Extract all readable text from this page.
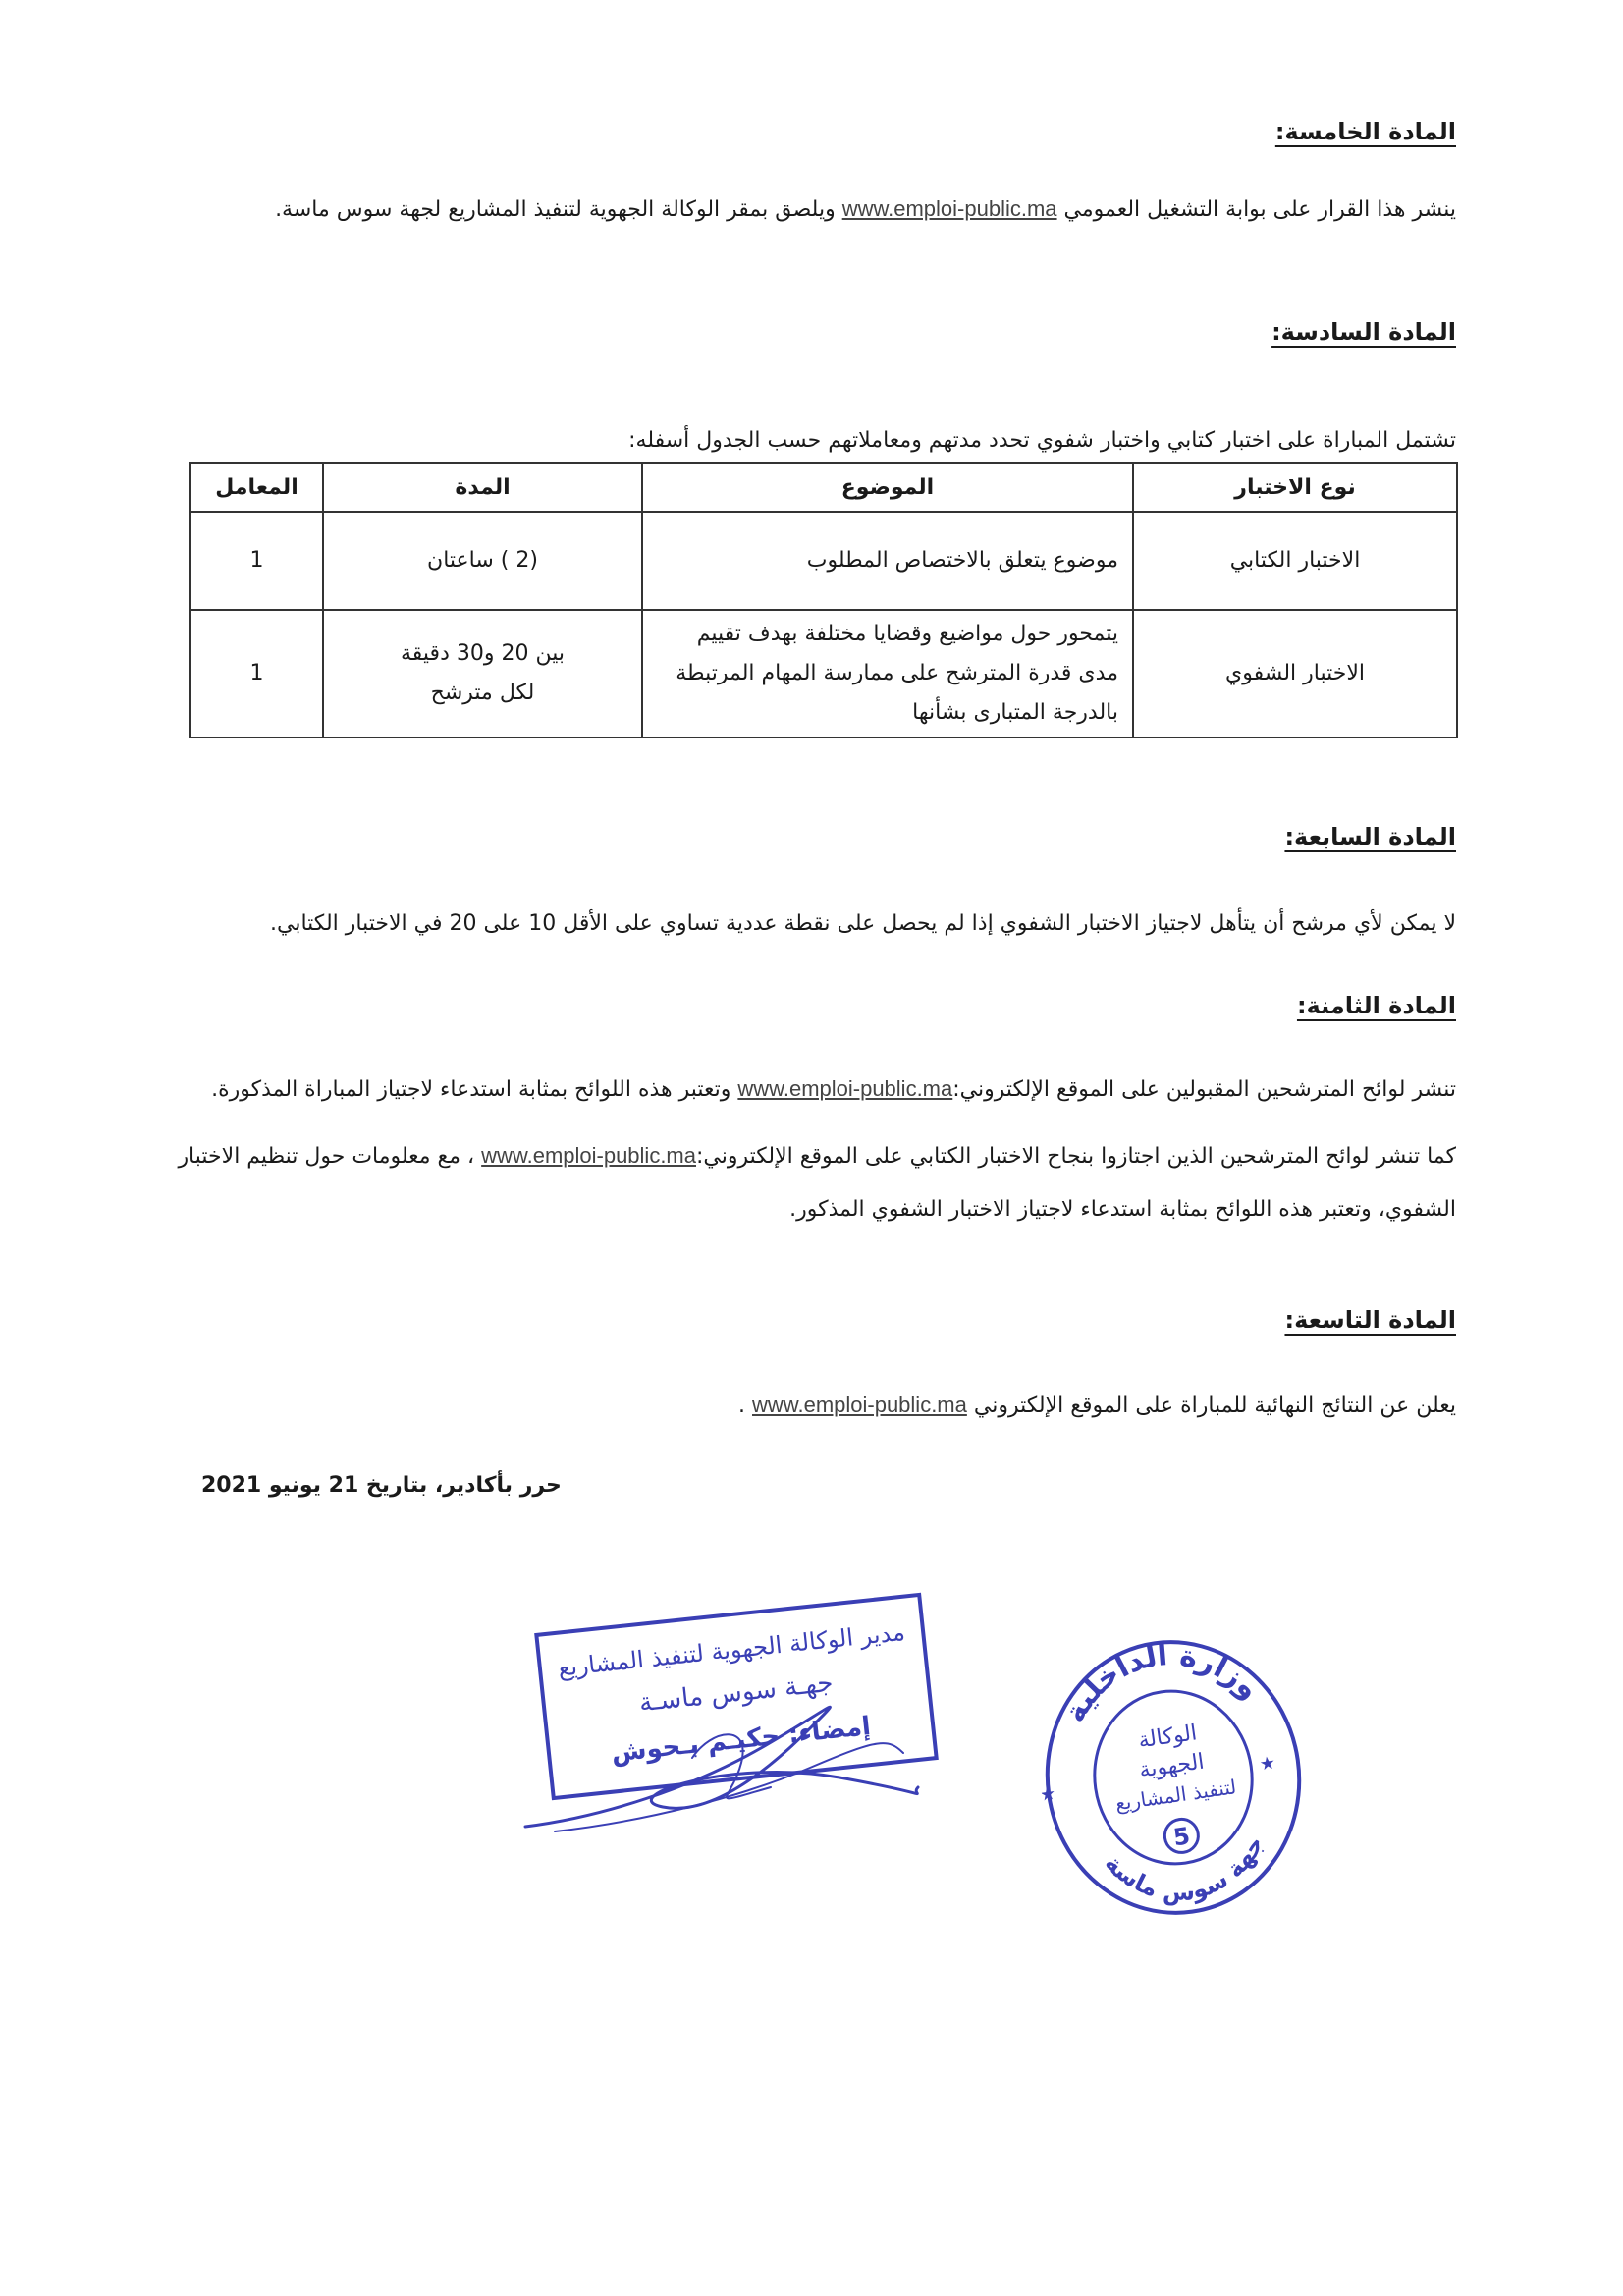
المادة الخامسة:
ينشر هذا القرار على بوابة التشغيل العمومي www.emploi-public.ma ويلصق بمقر الوكالة الجهوية لتنفيذ المشاريع لجهة سوس ماسة.
المادة السادسة:
تشتمل المباراة على اختبار كتابي واختبار شفوي تحدد مدتهم ومعاملاتهم حسب الجدول أسفله:
نوع الاختبار	الموضوع	المدة	المعامل
الاختبار الكتابي	موضوع يتعلق بالاختصاص المطلوب	(2 ) ساعتان	1
الاختبار الشفوي	يتمحور حول مواضيع وقضايا مختلفة بهدف تقييم مدى قدرة المترشح على ممارسة المهام المرتبطة بالدرجة المتبارى بشأنها	بين 20 و30 دقيقة لكل مترشح	1
المادة السابعة:
لا يمكن لأي مرشح أن يتأهل لاجتياز الاختبار الشفوي إذا لم يحصل على نقطة عددية تساوي على الأقل 10 على 20 في الاختبار الكتابي.
المادة الثامنة:
تنشر لوائح المترشحين المقبولين على الموقع الإلكتروني:www.emploi-public.ma وتعتبر هذه اللوائح بمثابة استدعاء لاجتياز المباراة المذكورة.
كما تنشر لوائح المترشحين الذين اجتازوا بنجاح الاختبار الكتابي على الموقع الإلكتروني:www.emploi-public.ma ، مع معلومات حول تنظيم الاختبار الشفوي، وتعتبر هذه اللوائح بمثابة استدعاء لاجتياز الاختبار الشفوي المذكور.
المادة التاسعة:
يعلن عن النتائج النهائية للمباراة على الموقع الإلكتروني www.emploi-public.ma .
حرر بأكادير، بتاريخ 21 يونيو 2021
مدير الوكالة الجهوية لتنفيذ المشاريع
جهـة سوس ماسـة
إمضاء: حكيـم بـحوش	وزارة الداخلية
جهة سوس ماسة
الوكالة
الجهوية
لتنفيذ المشاريع
5
★
★
